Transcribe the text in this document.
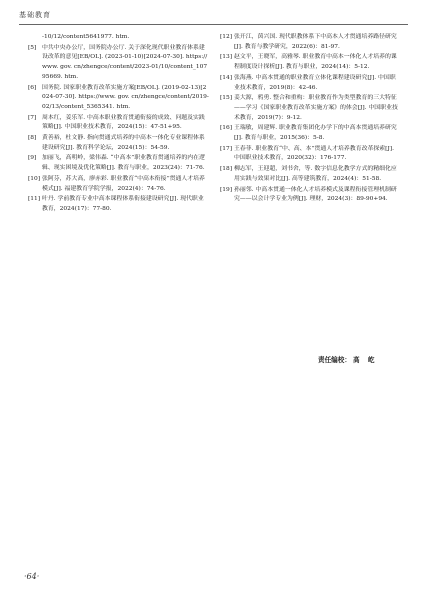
基础教育
-10/12/content5641977. htm.
[5] 中共中央办公厅，国务院办公厅. 关于深化现代职业教育体系建设改革的意见[EB/OL]. (2023-01-10)[2024-07-30]. https://www. gov. cn/zhengce/content/2023-01/10/content_10795669. htm.
[6] 国务院. 国家职业教育改革实施方案[EB/OL]. (2019-02-13)[2024-07-30]. https://www. gov. cn/zhengce/content/2019-02/13/content_5365341. htm.
[7] 周本红，姜乐军. 中高本职业教育贯通衔接的成效、问题及实践策略[J]. 中国职业技术教育，2024(15)：47-51+95.
[8] 黄善裕，杜文静. 指向贯通式培养的中高本一体化专业课程体系建设研究[J]. 教育科学论坛，2024(15)：54-59.
[9] 加丽飞，高明岭，梁伟森. “中高本”职业教育贯通培养的内在逻辑、现实困境及优化策略[J]. 教育与职业，2023(24)：71-76.
[10] 张阿芬，苏大高，廖赤彩. 职业教育“中高本衔接”贯通人才培养模式[J]. 福建教育学院学报，2022(4)：74-76.
[11] 叶丹. 学前教育专业中高本课程体系衔接建设研究[J]. 现代职业教育，2024(17)：77-80.
[12] 张开江，茵兴国. 现代职教体系下中高本人才贯通培养路径研究[J]. 教育与教学研究，2022(6)：81-97.
[13] 赵文平，王晓军，高雅琴. 职业教育中高本一体化人才培养的课程制度设计探析[J]. 教育与职业，2024(14)：5-12.
[14] 张海燕. 中高本贯通的职业教育立体化课程建设研究[J]. 中国职业技术教育，2019(8)：42-46.
[15] 姜大源，鸦勇. 整合和重构：职业教育作为类型教育的三大特征——学习《国家职业教育改革实施方案》的体会[J]. 中国职业技术教育，2019(7)：9-12.
[16] 王瑞敏，周建辉. 职业教育集团化办学下的中高本贯通培养研究[J]. 教育与职业，2015(36)：5-8.
[17] 王春菲. 职业教育“中、高、本”贯通人才培养教育改革探索[J]. 中国职业技术教育，2020(32)：176-177.
[18] 柳志军，王迎超，刘书舍，等. 数字信息化教学方式的精细化应用实践与效果对比[J]. 高等建筑教育，2024(4)：51-58.
[19] 孙丽邻. 中高本贯通一体化人才培养模式及课程衔接管理机制研究——以会计学专业为例[J]. 理财，2024(3)：89-90+94.
责任编校： 高 屹
·64·
